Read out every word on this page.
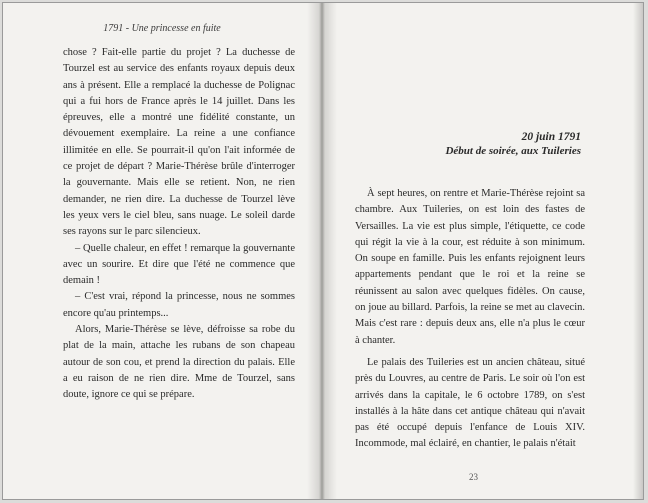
1791 - Une princesse en fuite

chose ? Fait-elle partie du projet ? La duchesse de Tourzel est au service des enfants royaux depuis deux ans à présent. Elle a remplacé la duchesse de Polignac qui a fui hors de France après le 14 juillet. Dans les épreuves, elle a montré une fidélité constante, un dévouement exemplaire. La reine a une confiance illimitée en elle. Se pourrait-il qu'on l'ait informée de ce projet de départ ? Marie-Thérèse brûle d'interroger la gouvernante. Mais elle se retient. Non, ne rien demander, ne rien dire. La duchesse de Tourzel lève les yeux vers le ciel bleu, sans nuage. Le soleil darde ses rayons sur le parc silencieux.

– Quelle chaleur, en effet ! remarque la gouvernante avec un sourire. Et dire que l'été ne commence que demain !

– C'est vrai, répond la princesse, nous ne sommes encore qu'au printemps...

Alors, Marie-Thérèse se lève, défroisse sa robe du plat de la main, attache les rubans de son chapeau autour de son cou, et prend la direction du palais. Elle a eu raison de ne rien dire. Mme de Tourzel, sans doute, ignore ce qui se prépare.

20 juin 1791
Début de soirée, aux Tuileries

À sept heures, on rentre et Marie-Thérèse rejoint sa chambre. Aux Tuileries, on est loin des fastes de Versailles. La vie est plus simple, l'étiquette, ce code qui régit la vie à la cour, est réduite à son minimum. On soupe en famille. Puis les enfants rejoignent leurs appartements pendant que le roi et la reine se réunissent au salon avec quelques fidèles. On cause, on joue au billard. Parfois, la reine se met au clavecin. Mais c'est rare : depuis deux ans, elle n'a plus le cœur à chanter.

Le palais des Tuileries est un ancien château, situé près du Louvres, au centre de Paris. Le soir où l'on est arrivés dans la capitale, le 6 octobre 1789, on s'est installés à la hâte dans cet antique château qui n'avait pas été occupé depuis l'enfance de Louis XIV. Incommode, mal éclairé, en chantier, le palais n'était

23
